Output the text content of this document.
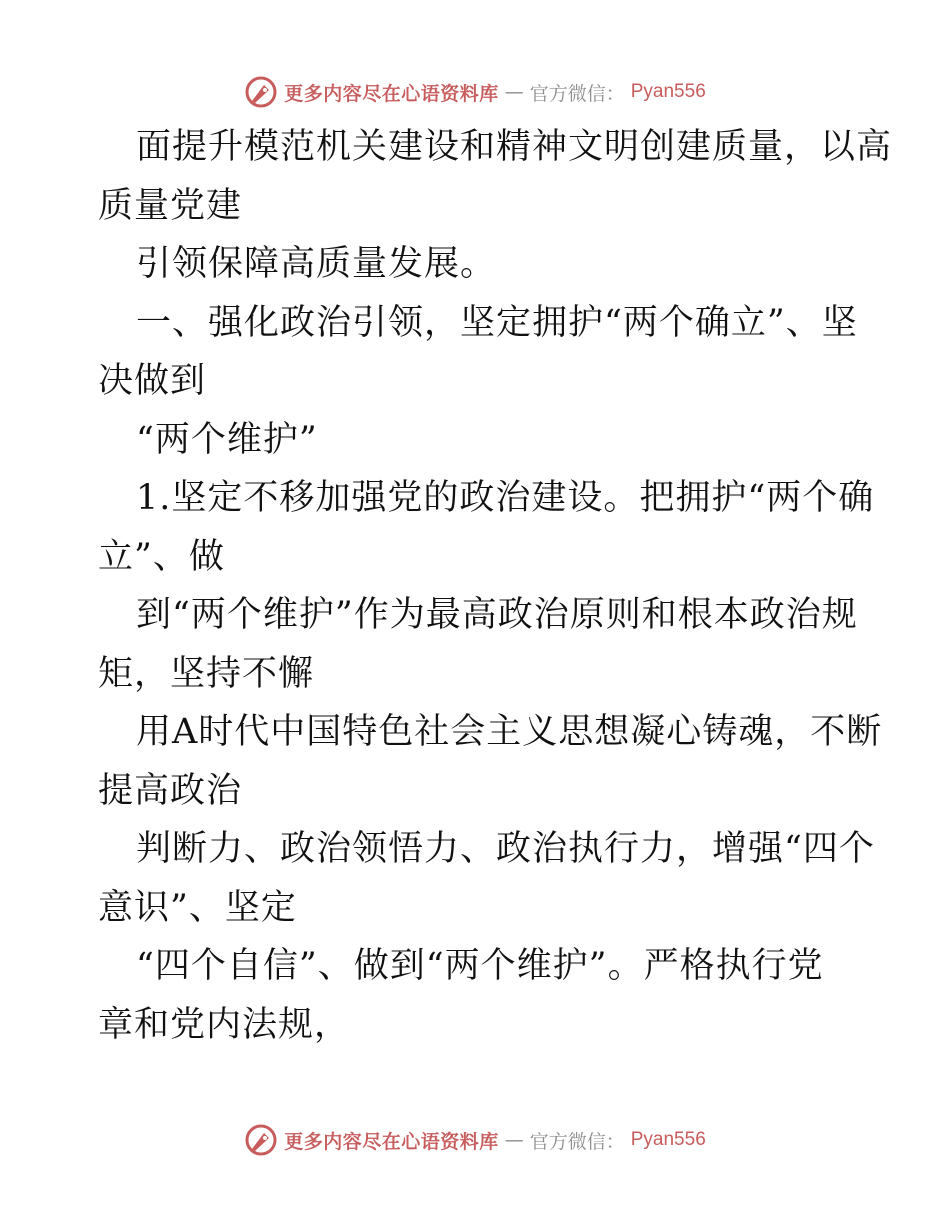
更多内容尽在心语资料库 — 官方微信： Pyan556
面提升模范机关建设和精神文明创建质量，以高
质量党建
引领保障高质量发展。
一、强化政治引领，坚定拥护“两个确立”、坚
决做到
“两个维护”
1.坚定不移加强党的政治建设。把拥护“两个确
立”、做
到“两个维护”作为最高政治原则和根本政治规
矩，坚持不懈
用A时代中国特色社会主义思想凝心铸魂，不断
提高政治
判断力、政治领悟力、政治执行力，增强“四个
意识”、坚定
“四个自信”、做到“两个维护”。严格执行党
章和党内法规，
更多内容尽在心语资料库 — 官方微信： Pyan556
